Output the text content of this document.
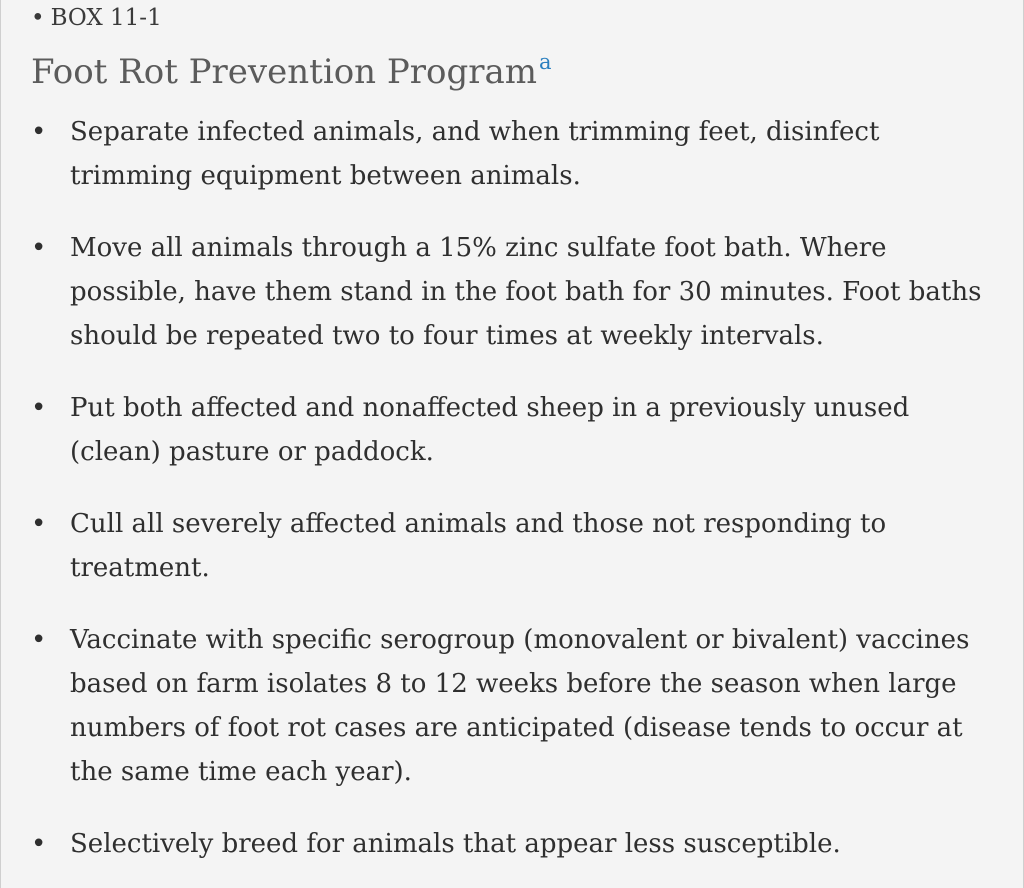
• BOX 11-1
Foot Rot Prevention Program$^a$
• Separate infected animals, and when trimming feet, disinfect trimming equipment between animals.
• Move all animals through a 15% zinc sulfate foot bath. Where possible, have them stand in the foot bath for 30 minutes. Foot baths should be repeated two to four times at weekly intervals.
• Put both affected and nonaffected sheep in a previously unused (clean) pasture or paddock.
• Cull all severely affected animals and those not responding to treatment.
• Vaccinate with specific serogroup (monovalent or bivalent) vaccines based on farm isolates 8 to 12 weeks before the season when large numbers of foot rot cases are anticipated (disease tends to occur at the same time each year).
• Selectively breed for animals that appear less susceptible.
